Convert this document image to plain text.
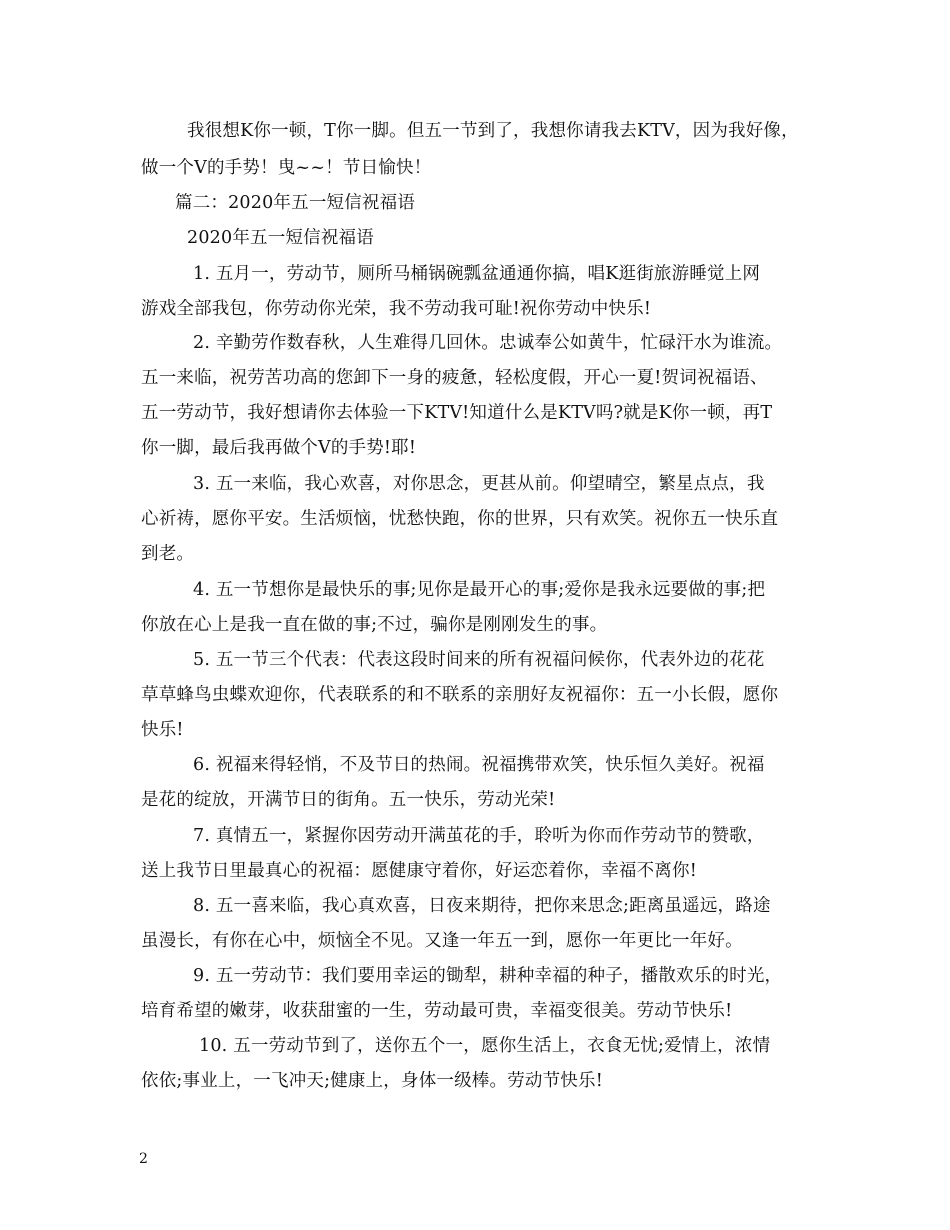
我很想K你一顿，T你一脚。但五一节到了，我想你请我去KTV，因为我好像，
做一个V的手势！曳~~！节日愉快！
篇二：2020年五一短信祝福语
2020年五一短信祝福语
1. 五月一，劳动节，厕所马桶锅碗瓢盆通通你搞，唱K逛街旅游睡觉上网
游戏全部我包，你劳动你光荣，我不劳动我可耻!祝你劳动中快乐!
2. 辛勤劳作数春秋，人生难得几回休。忠诚奉公如黄牛，忙碌汗水为谁流。
五一来临，祝劳苦功高的您卸下一身的疲惫，轻松度假，开心一夏!贺词祝福语、
五一劳动节，我好想请你去体验一下KTV!知道什么是KTV吗?就是K你一顿，再T
你一脚，最后我再做个V的手势!耶!
3. 五一来临，我心欢喜，对你思念，更甚从前。仰望晴空，繁星点点，我
心祈祷，愿你平安。生活烦恼，忧愁快跑，你的世界，只有欢笑。祝你五一快乐直
到老。
4. 五一节想你是最快乐的事;见你是最开心的事;爱你是我永远要做的事;把
你放在心上是我一直在做的事;不过，骗你是刚刚发生的事。
5. 五一节三个代表：代表这段时间来的所有祝福问候你，代表外边的花花
草草蜂鸟虫蝶欢迎你，代表联系的和不联系的亲朋好友祝福你：五一小长假，愿你
快乐!
6. 祝福来得轻悄，不及节日的热闹。祝福携带欢笑，快乐恒久美好。祝福
是花的绽放，开满节日的街角。五一快乐，劳动光荣!
7. 真情五一，紧握你因劳动开满茧花的手，聆听为你而作劳动节的赞歌，
送上我节日里最真心的祝福：愿健康守着你，好运恋着你，幸福不离你!
8. 五一喜来临，我心真欢喜，日夜来期待，把你来思念;距离虽遥远，路途
虽漫长，有你在心中，烦恼全不见。又逢一年五一到，愿你一年更比一年好。
9. 五一劳动节：我们要用幸运的锄犁，耕种幸福的种子，播散欢乐的时光，
培育希望的嫩芽，收获甜蜜的一生，劳动最可贵，幸福变很美。劳动节快乐!
10. 五一劳动节到了，送你五个一，愿你生活上，衣食无忧;爱情上，浓情
依依;事业上，一飞冲天;健康上，身体一级棒。劳动节快乐!
2
